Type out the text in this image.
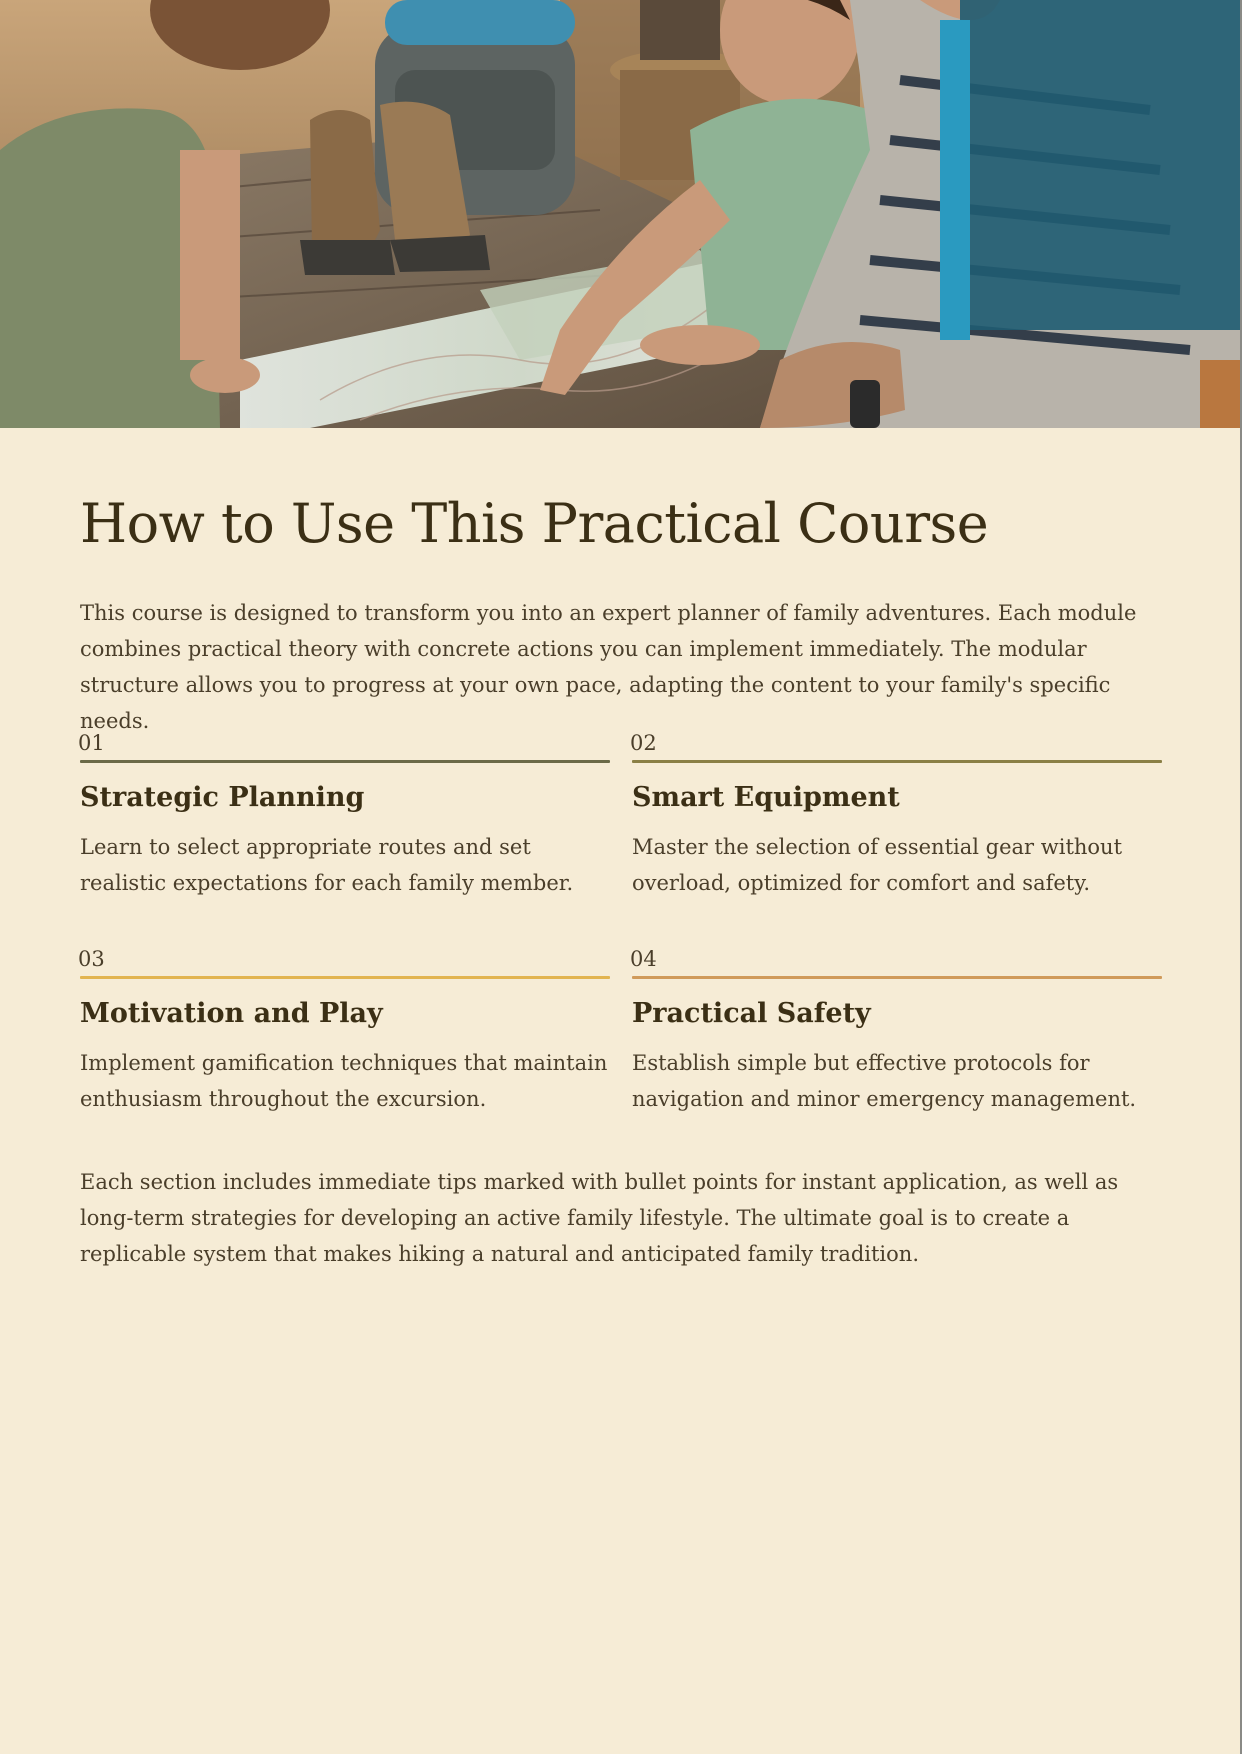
How to Use This Practical Course

This course is designed to transform you into an expert planner of family adventures. Each module combines practical theory with concrete actions you can implement immediately. The modular structure allows you to progress at your own pace, adapting the content to your family's specific needs.

01
Strategic Planning
Learn to select appropriate routes and set realistic expectations for each family member.
02
Smart Equipment
Master the selection of essential gear without overload, optimized for comfort and safety.
03
Motivation and Play
Implement gamification techniques that maintain enthusiasm throughout the excursion.
04
Practical Safety
Establish simple but effective protocols for navigation and minor emergency management.

Each section includes immediate tips marked with bullet points for instant application, as well as long-term strategies for developing an active family lifestyle. The ultimate goal is to create a replicable system that makes hiking a natural and anticipated family tradition.
